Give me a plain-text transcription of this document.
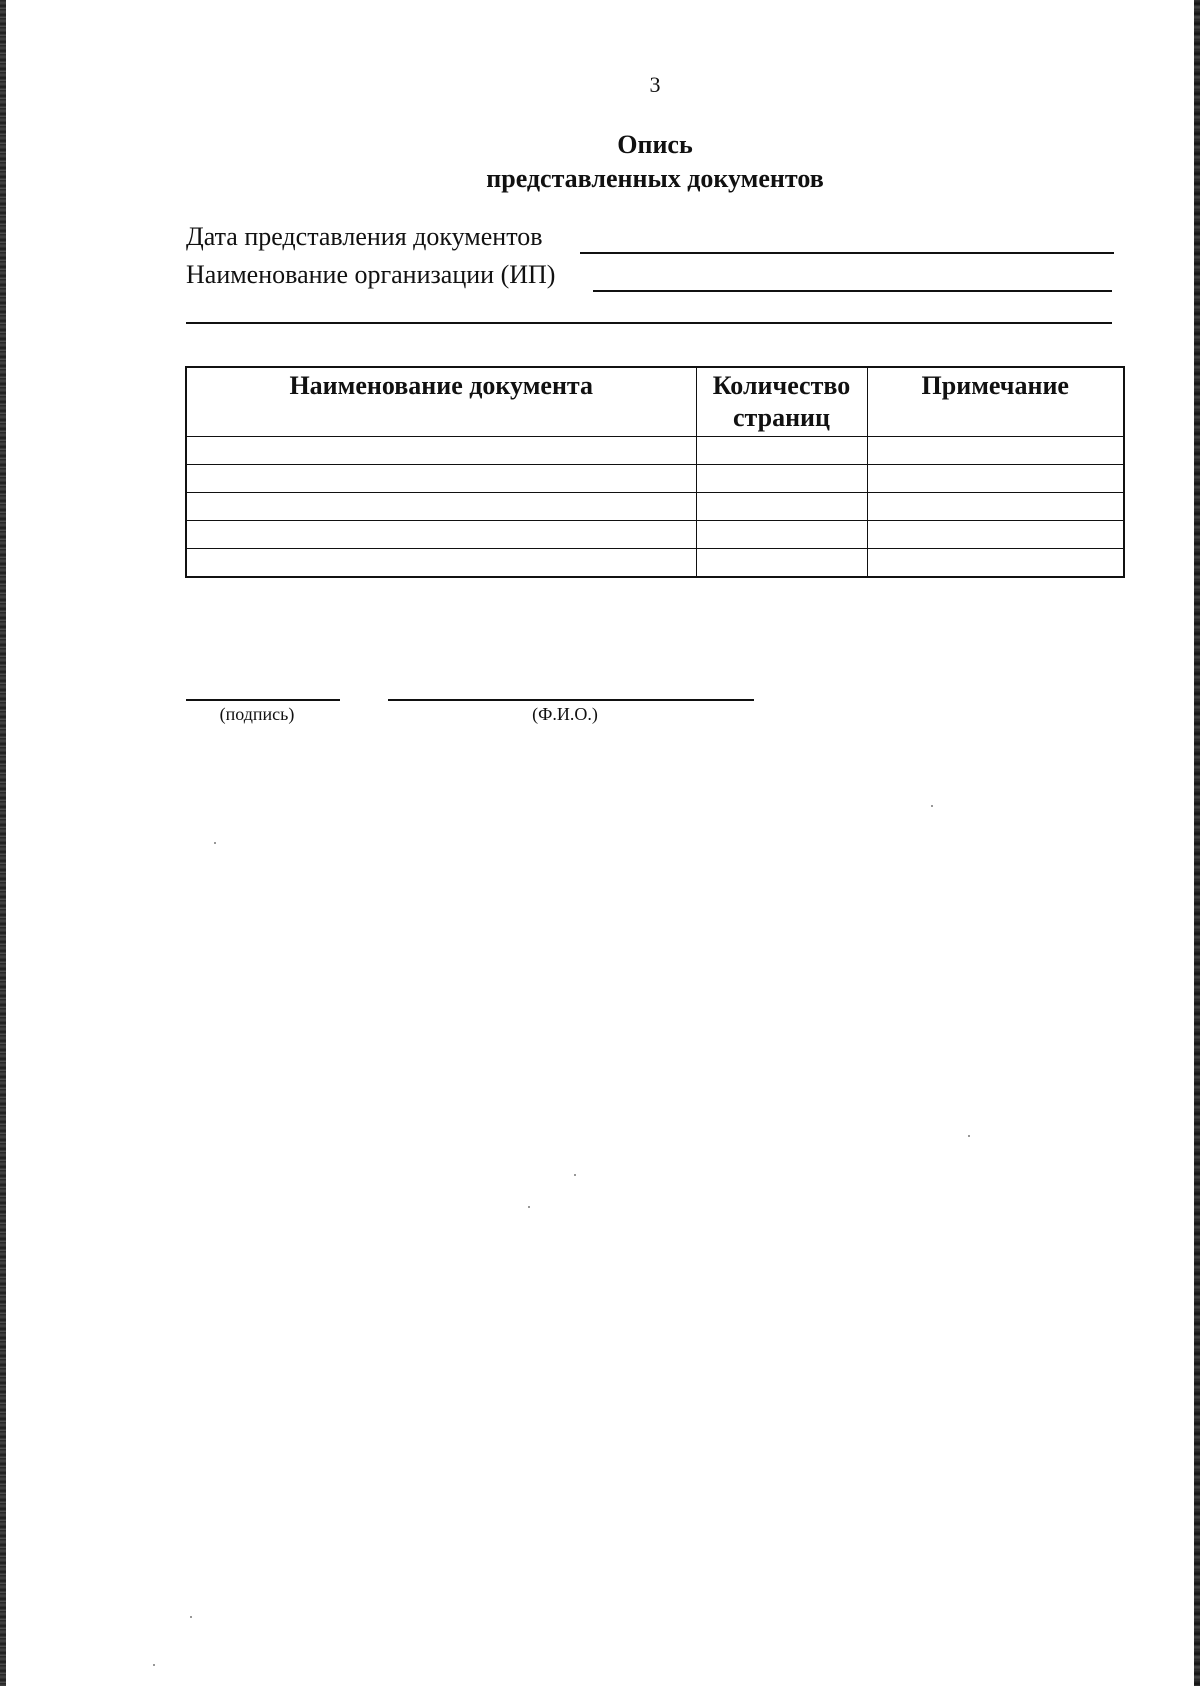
3
Опись
представленных документов
Дата представления документов
Наименование организации (ИП)
Наименование документа	Количество страниц	Примечание

(подпись)	(Ф.И.О.)
